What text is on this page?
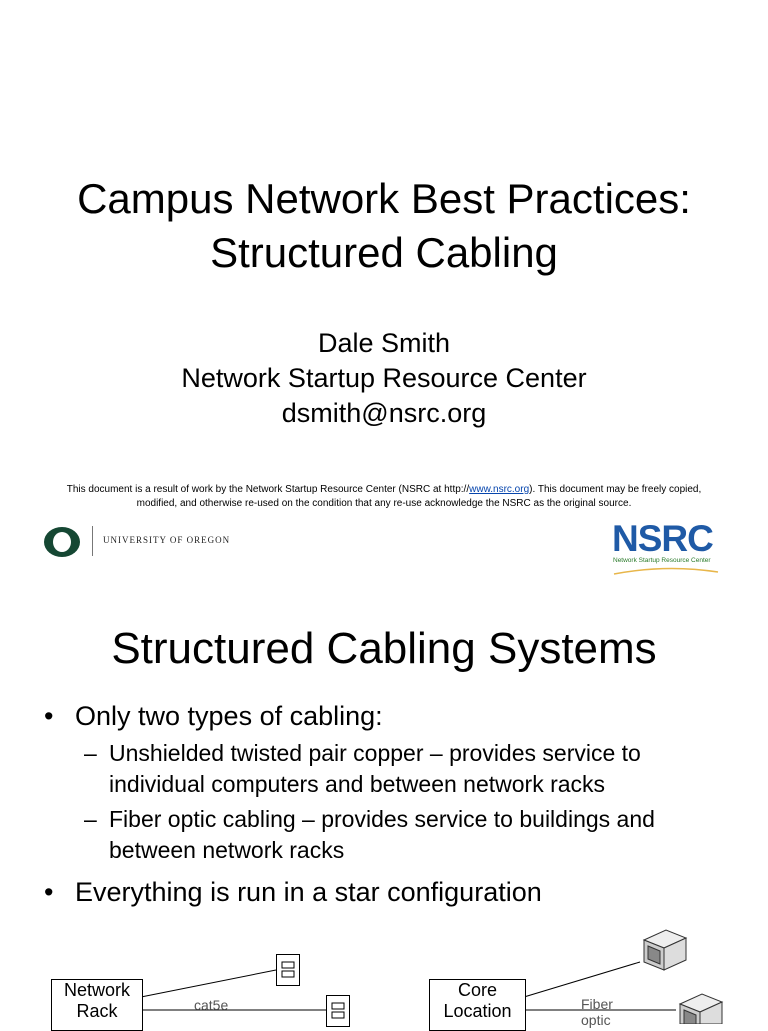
Campus Network Best Practices:
Structured Cabling
Dale Smith
Network Startup Resource Center
dsmith@nsrc.org
This document is a result of work by the Network Startup Resource Center (NSRC at http://www.nsrc.org). This document may be freely copied, modified, and otherwise re-used on the condition that any re-use acknowledge the NSRC as the original source.
UNIVERSITY OF OREGON	NSRC
Network Startup Resource Center
Structured Cabling Systems
• Only two types of cabling:
– Unshielded twisted pair copper – provides service to individual computers and between network racks
– Fiber optic cabling – provides service to buildings and between network racks
• Everything is run in a star configuration
Network
Rack	cat5e
Core
Location	Fiber
optic
